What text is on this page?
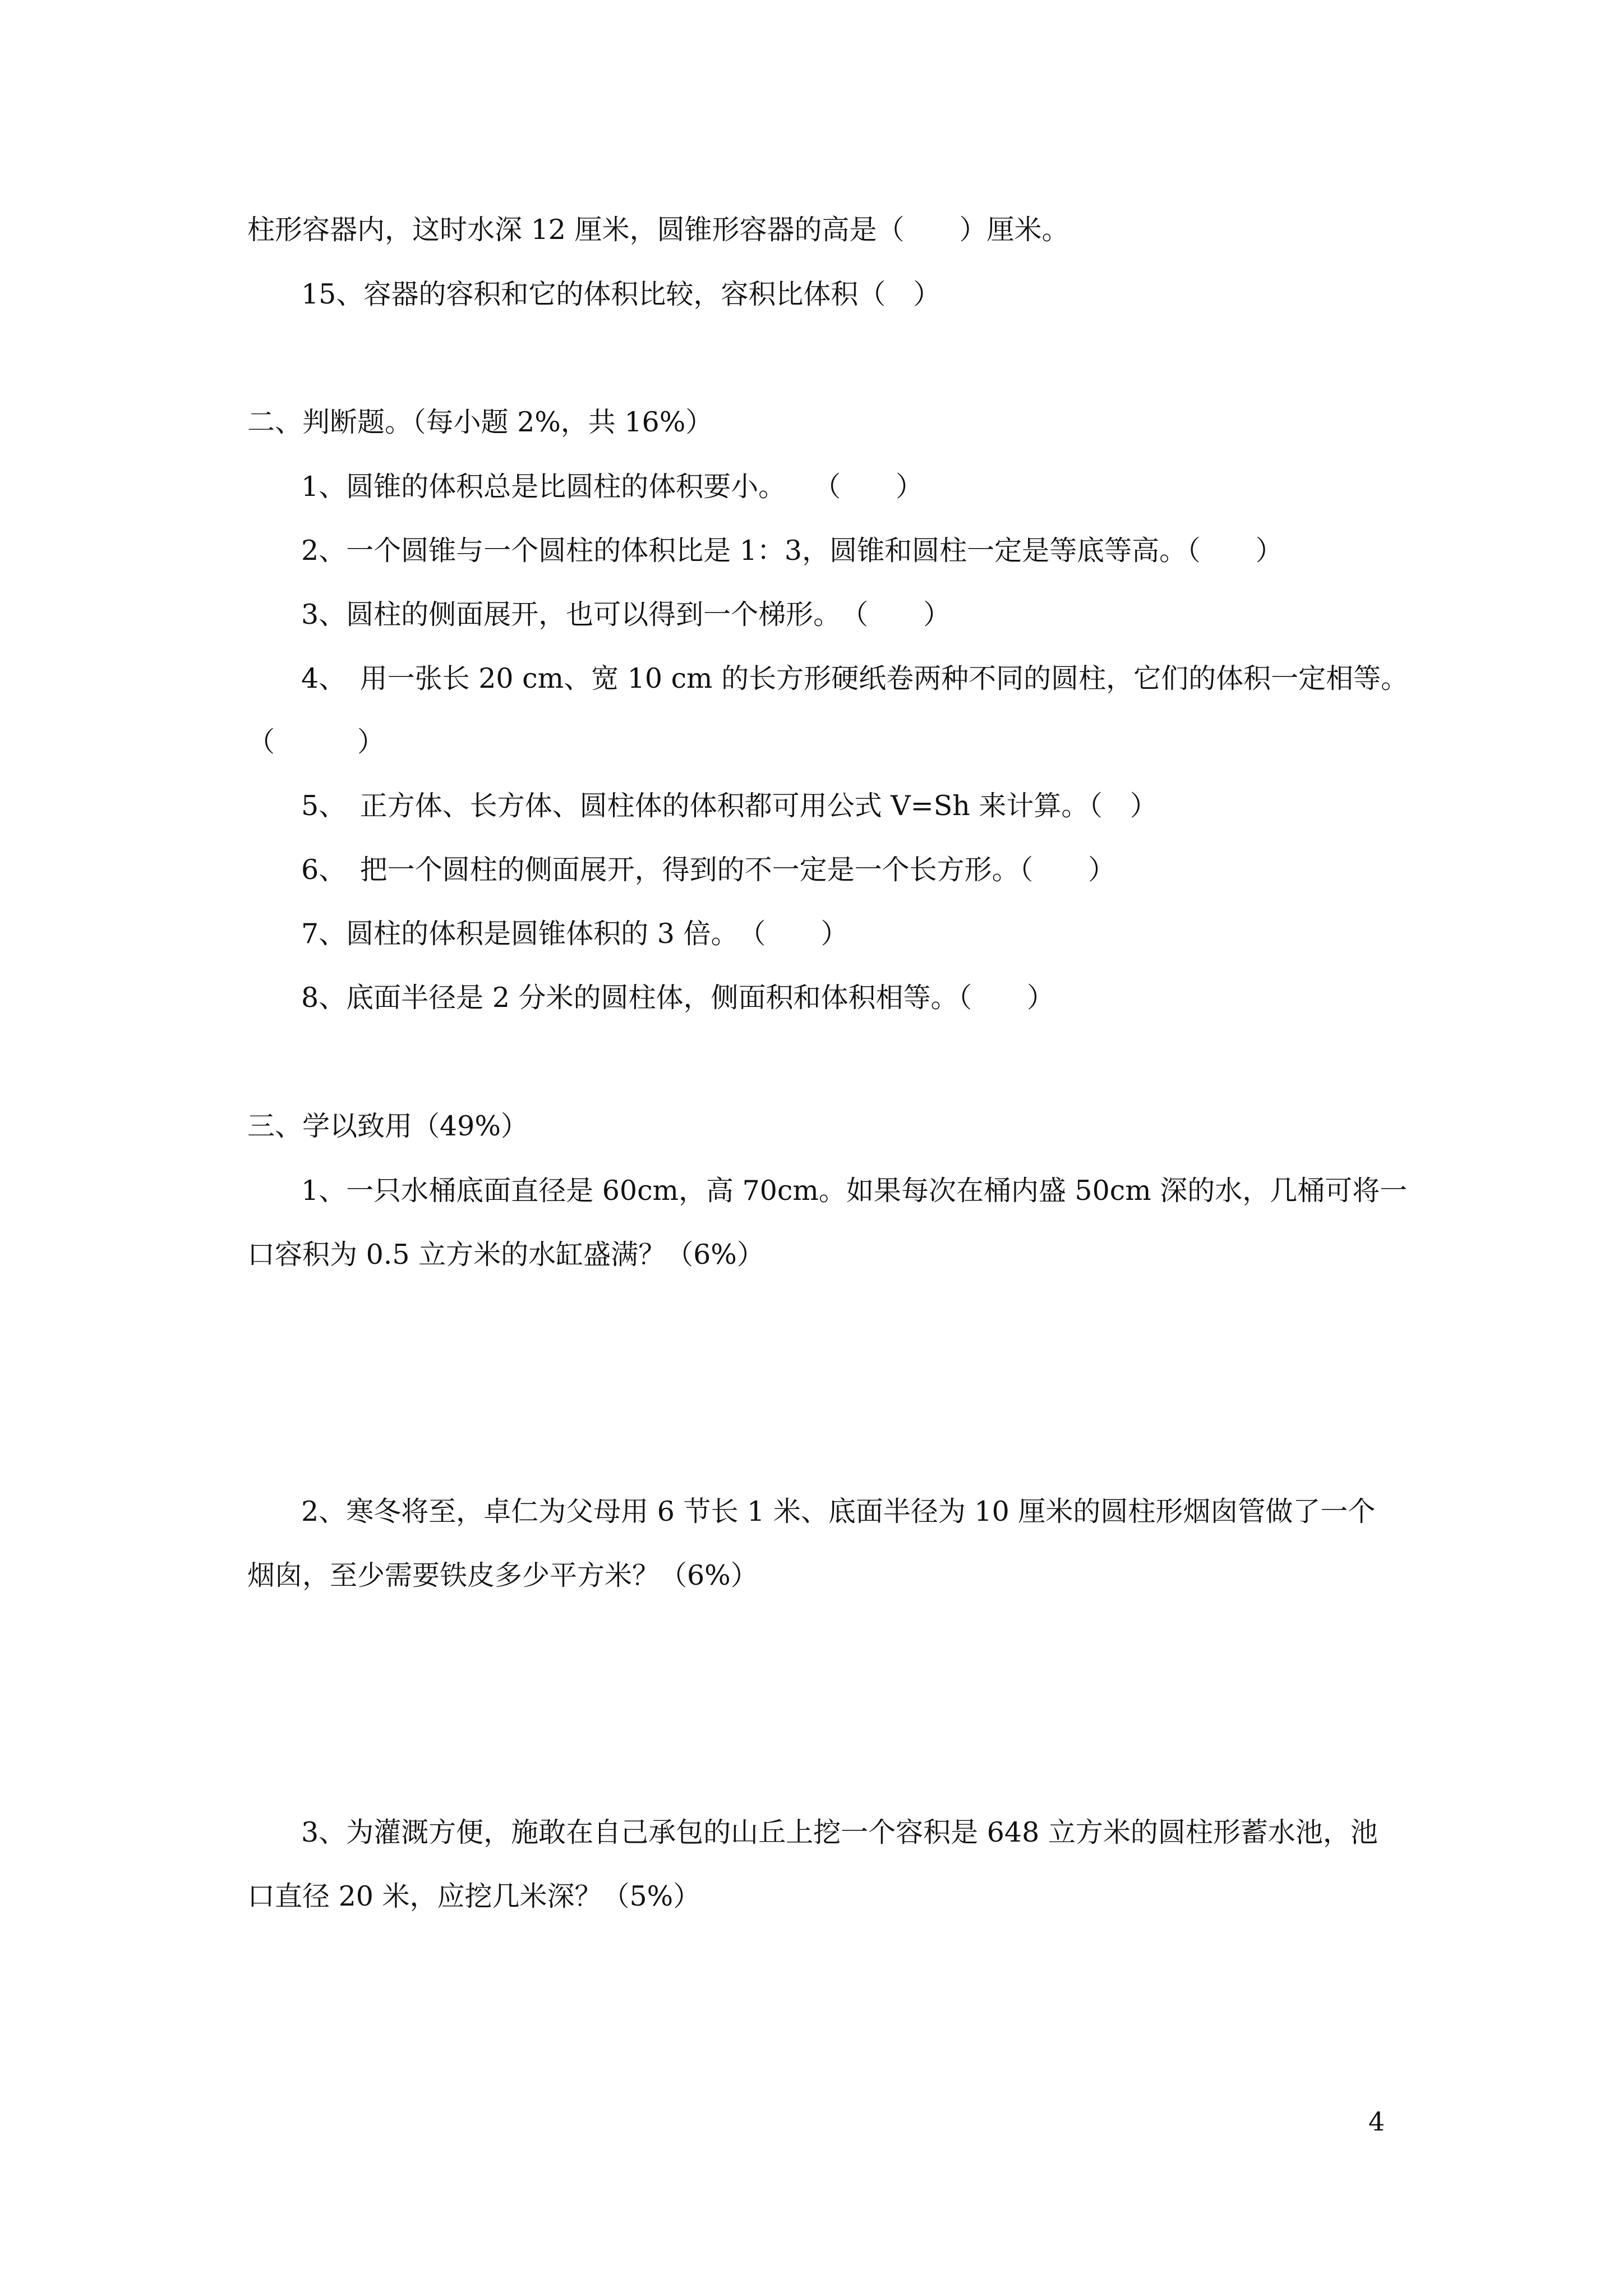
柱形容器内，这时水深 12 厘米，圆锥形容器的高是（　　）厘米。
15、容器的容积和它的体积比较，容积比体积（　）
二、判断题。（每小题 2%，共 16%）
1、圆锥的体积总是比圆柱的体积要小。　　（　　）
2、一个圆锥与一个圆柱的体积比是 1：3，圆锥和圆柱一定是等底等高。（　　）
3、圆柱的侧面展开，也可以得到一个梯形。　（　　）
4、　用一张长 20 cm、宽 10 cm 的长方形硬纸卷两种不同的圆柱，它们的体积一定相等。
（　　　）
5、　正方体、长方体、圆柱体的体积都可用公式 V=Sh 来计算。（　）
6、　把一个圆柱的侧面展开，得到的不一定是一个长方形。（　　）
7、圆柱的体积是圆锥体积的 3 倍。　（　　）
8、底面半径是 2 分米的圆柱体，侧面积和体积相等。（　　）
三、学以致用（49%）
1、一只水桶底面直径是 60cm，高 70cm。如果每次在桶内盛 50cm 深的水，几桶可将一
口容积为 0.5 立方米的水缸盛满？（6%）
2、寒冬将至，卓仁为父母用 6 节长 1 米、底面半径为 10 厘米的圆柱形烟囱管做了一个
烟囱，至少需要铁皮多少平方米？（6%）
3、为灌溉方便，施敢在自己承包的山丘上挖一个容积是 648 立方米的圆柱形蓄水池，池
口直径 20 米，应挖几米深？（5%）
4
